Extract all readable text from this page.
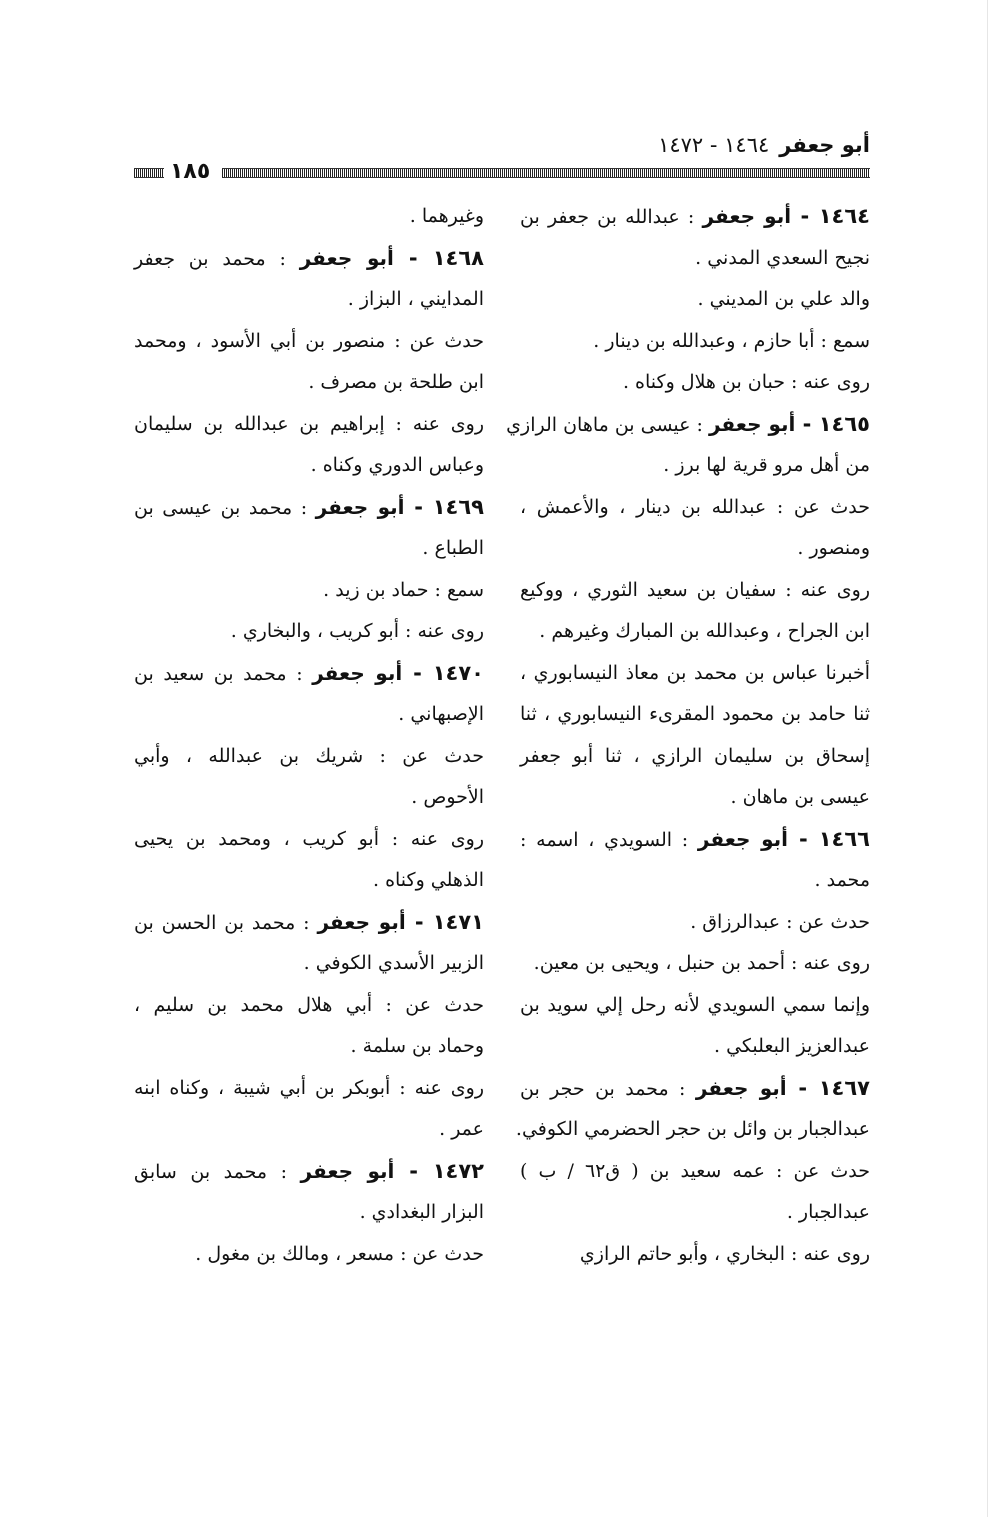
أبو جعفر١٤٦٤ - ١٤٧٢
١٨٥
١٤٦٤ - أبو جعفر : عبدالله بن جعفر بن
نجيح السعدي المدني .
والد علي بن المديني .
سمع : أبا حازم ، وعبدالله بن دينار .
روى عنه : حبان بن هلال وكناه .
١٤٦٥ - أبو جعفر : عيسى بن ماهان الرازي
من أهل مرو قرية لها برز .
حدث عن : عبدالله بن دينار ، والأعمش ،
ومنصور .
روى عنه : سفيان بن سعيد الثوري ، ووكيع
ابن الجراح ، وعبدالله بن المبارك وغيرهم .
أخبرنا عباس بن محمد بن معاذ النيسابوري ،
ثنا حامد بن محمود المقرىء النيسابوري ، ثنا
إسحاق بن سليمان الرازي ، ثنا أبو جعفر
عيسى بن ماهان .
١٤٦٦ - أبو جعفر : السويدي ، اسمه :
محمد .
حدث عن : عبدالرزاق .
روى عنه : أحمد بن حنبل ، ويحيى بن معين.
وإنما سمي السويدي لأنه رحل إلي سويد بن
عبدالعزيز البعلبكي .
١٤٦٧ - أبو جعفر : محمد بن حجر بن
عبدالجبار بن وائل بن حجر الحضرمي الكوفي.
حدث عن : عمه سعيد بن ( ق٦٢ / ب )
عبدالجبار .
روى عنه : البخاري ، وأبو حاتم الرازي
وغيرهما .
١٤٦٨ - أبو جعفر : محمد بن جعفر
المدايني ، البزاز .
حدث عن : منصور بن أبي الأسود ، ومحمد
ابن طلحة بن مصرف .
روى عنه : إبراهيم بن عبدالله بن سليمان
وعباس الدوري وكناه .
١٤٦٩ - أبو جعفر : محمد بن عيسى بن
الطباع .
سمع : حماد بن زيد .
روى عنه : أبو كريب ، والبخاري .
١٤٧٠ - أبو جعفر : محمد بن سعيد بن
الإصبهاني .
حدث عن : شريك بن عبدالله ، وأبي
الأحوص .
روى عنه : أبو كريب ، ومحمد بن يحيى
الذهلي وكناه .
١٤٧١ - أبو جعفر : محمد بن الحسن بن
الزبير الأسدي الكوفي .
حدث عن : أبي هلال محمد بن سليم ،
وحماد بن سلمة .
روى عنه : أبوبكر بن أبي شيبة ، وكناه ابنه
عمر .
١٤٧٢ - أبو جعفر : محمد بن سابق
البزار البغدادي .
حدث عن : مسعر ، ومالك بن مغول .
